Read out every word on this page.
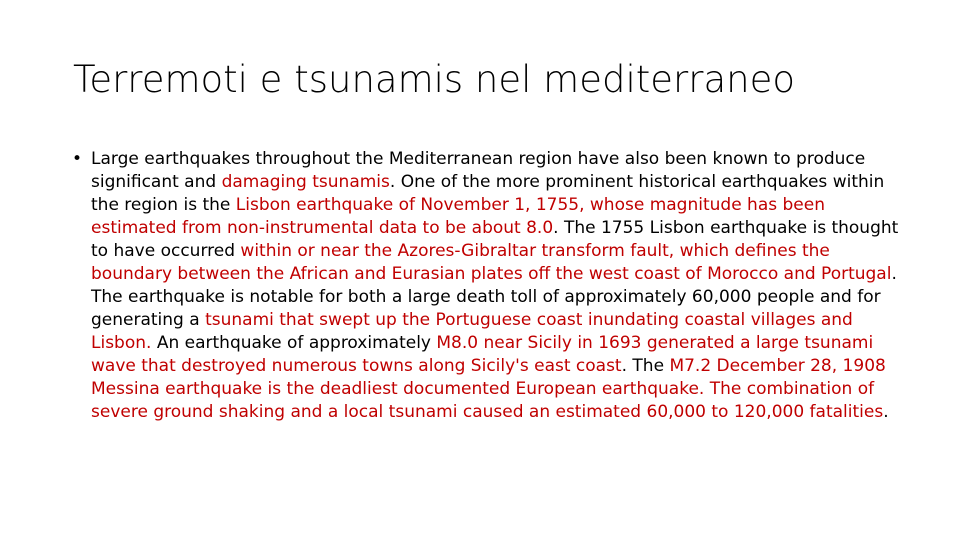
Terremoti e tsunamis nel mediterraneo
• Large earthquakes throughout the Mediterranean region have also been known to produce significant and damaging tsunamis. One of the more prominent historical earthquakes within the region is the Lisbon earthquake of November 1, 1755, whose magnitude has been estimated from non-instrumental data to be about 8.0. The 1755 Lisbon earthquake is thought to have occurred within or near the Azores-Gibraltar transform fault, which defines the boundary between the African and Eurasian plates off the west coast of Morocco and Portugal. The earthquake is notable for both a large death toll of approximately 60,000 people and for generating a tsunami that swept up the Portuguese coast inundating coastal villages and Lisbon. An earthquake of approximately M8.0 near Sicily in 1693 generated a large tsunami wave that destroyed numerous towns along Sicily's east coast. The M7.2 December 28, 1908 Messina earthquake is the deadliest documented European earthquake. The combination of severe ground shaking and a local tsunami caused an estimated 60,000 to 120,000 fatalities.
